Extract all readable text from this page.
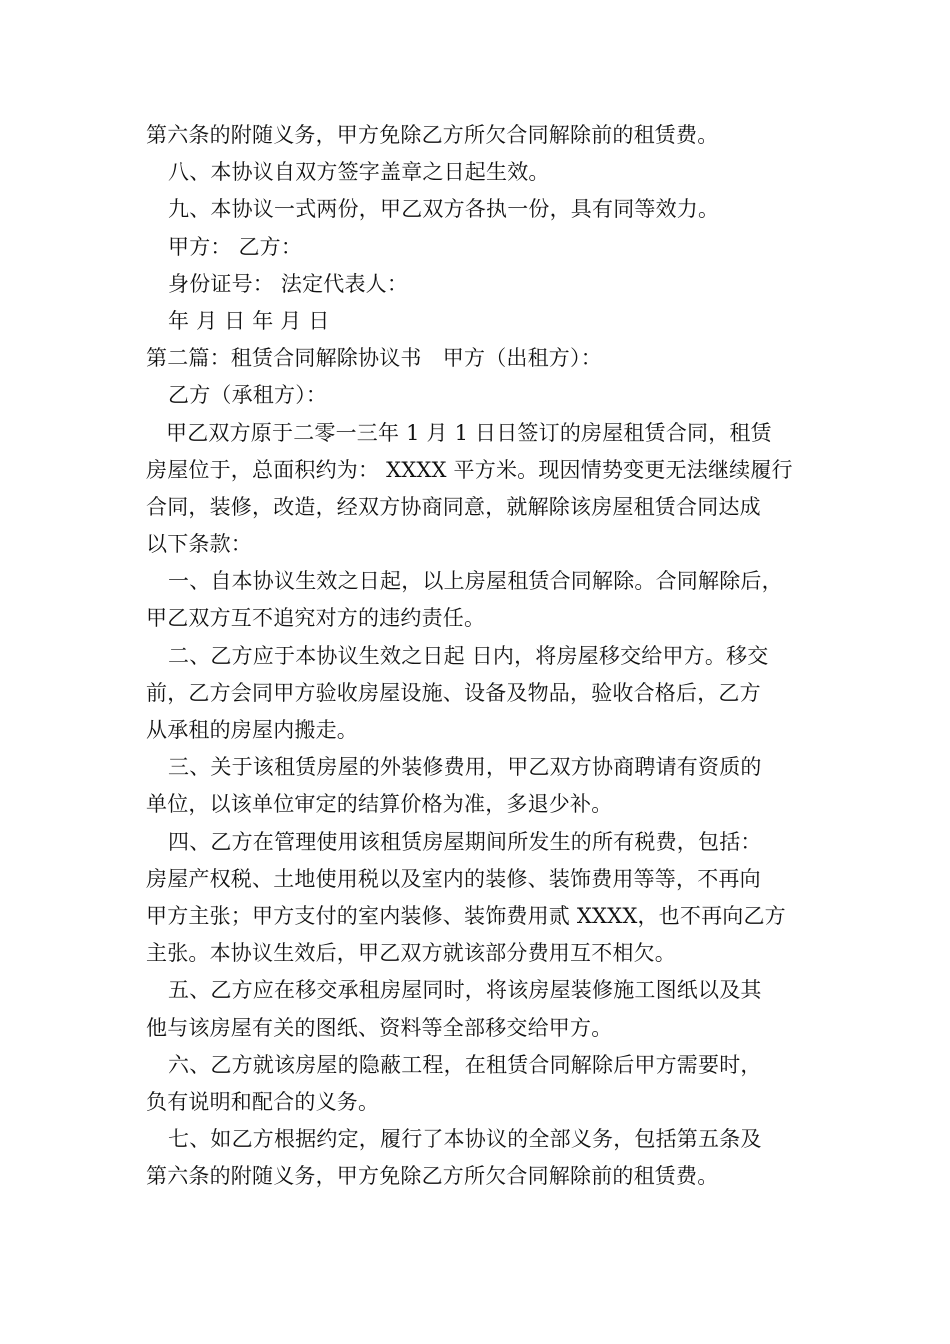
第六条的附随义务，甲方免除乙方所欠合同解除前的租赁费。
八、本协议自双方签字盖章之日起生效。
九、本协议一式两份，甲乙双方各执一份，具有同等效力。
甲方： 乙方：
身份证号： 法定代表人：
年 月 日 年 月 日
第二篇：租赁合同解除协议书　甲方（出租方）：
乙方（承租方）：
甲乙双方原于二零一三年 1 月 1 日日签订的房屋租赁合同，租赁
房屋位于，总面积约为： XXXX 平方米。现因情势变更无法继续履行
合同，装修，改造，经双方协商同意，就解除该房屋租赁合同达成
以下条款：
一、自本协议生效之日起，以上房屋租赁合同解除。合同解除后，
甲乙双方互不追究对方的违约责任。
二、乙方应于本协议生效之日起 日内，将房屋移交给甲方。移交
前，乙方会同甲方验收房屋设施、设备及物品，验收合格后，乙方
从承租的房屋内搬走。
三、关于该租赁房屋的外装修费用，甲乙双方协商聘请有资质的
单位，以该单位审定的结算价格为准，多退少补。
四、乙方在管理使用该租赁房屋期间所发生的所有税费，包括：
房屋产权税、土地使用税以及室内的装修、装饰费用等等，不再向
甲方主张；甲方支付的室内装修、装饰费用贰 XXXX，也不再向乙方
主张。本协议生效后，甲乙双方就该部分费用互不相欠。
五、乙方应在移交承租房屋同时，将该房屋装修施工图纸以及其
他与该房屋有关的图纸、资料等全部移交给甲方。
六、乙方就该房屋的隐蔽工程，在租赁合同解除后甲方需要时，
负有说明和配合的义务。
七、如乙方根据约定，履行了本协议的全部义务，包括第五条及
第六条的附随义务，甲方免除乙方所欠合同解除前的租赁费。
